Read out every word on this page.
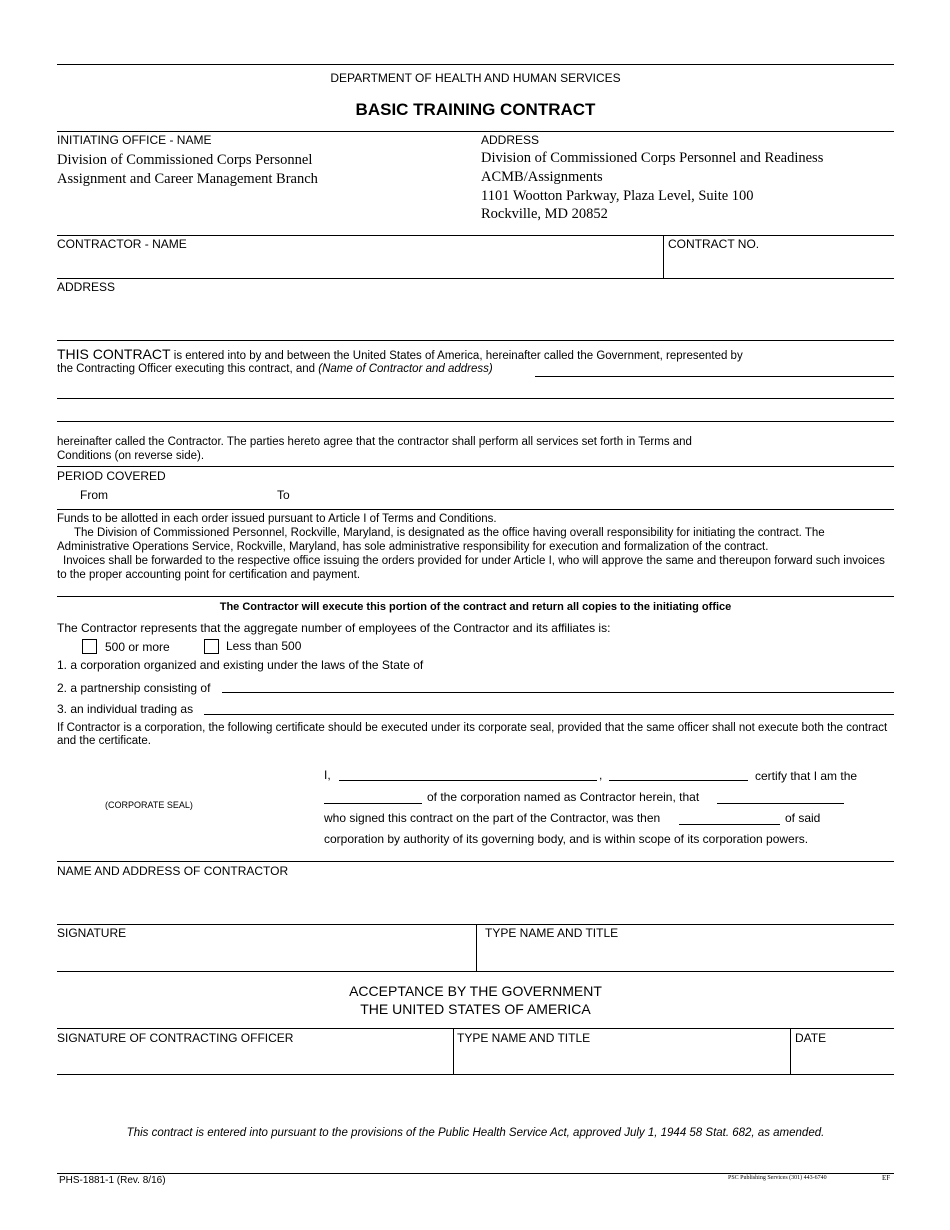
DEPARTMENT OF HEALTH AND HUMAN SERVICES
BASIC TRAINING CONTRACT
INITIATING OFFICE - NAME
Division of Commissioned Corps Personnel
Assignment and Career Management Branch
ADDRESS
Division of Commissioned Corps Personnel and Readiness
ACMB/Assignments
1101 Wootton Parkway, Plaza Level, Suite 100
Rockville, MD 20852
CONTRACTOR - NAME	CONTRACT NO.
ADDRESS
THIS CONTRACT is entered into by and between the United States of America, hereinafter called the Government, represented by
the Contracting Officer executing this contract, and (Name of Contractor and address)
hereinafter called the Contractor. The parties hereto agree that the contractor shall perform all services set forth in Terms and
Conditions (on reverse side).
PERIOD COVERED
From	To
Funds to be allotted in each order issued pursuant to Article I of Terms and Conditions.
The Division of Commissioned Personnel, Rockville, Maryland, is designated as the office having overall responsibility for initiating the contract. The Administrative Operations Service, Rockville, Maryland, has sole administrative responsibility for execution and formalization of the contract.
Invoices shall be forwarded to the respective office issuing the orders provided for under Article I, who will approve the same and thereupon forward such invoices to the proper accounting point for certification and payment.
The Contractor will execute this portion of the contract and return all copies to the initiating office
The Contractor represents that the aggregate number of employees of the Contractor and its affiliates is:
500 or more	Less than 500
1. a corporation organized and existing under the laws of the State of
2. a partnership consisting of
3. an individual trading as
If Contractor is a corporation, the following certificate should be executed under its corporate seal, provided that the same officer shall not execute both the contract and the certificate.
(CORPORATE SEAL)
I,	,	certify that I am the
of the corporation named as Contractor herein, that
who signed this contract on the part of the Contractor, was then	of said
corporation by authority of its governing body, and is within scope of its corporation powers.
NAME AND ADDRESS OF CONTRACTOR
SIGNATURE	TYPE NAME AND TITLE
ACCEPTANCE BY THE GOVERNMENT
THE UNITED STATES OF AMERICA
SIGNATURE OF CONTRACTING OFFICER	TYPE NAME AND TITLE	DATE
This contract is entered into pursuant to the provisions of the Public Health Service Act, approved July 1, 1944 58 Stat. 682, as amended.
PHS-1881-1 (Rev. 8/16)	PSC Publishing Services (301) 443-6740	EF
